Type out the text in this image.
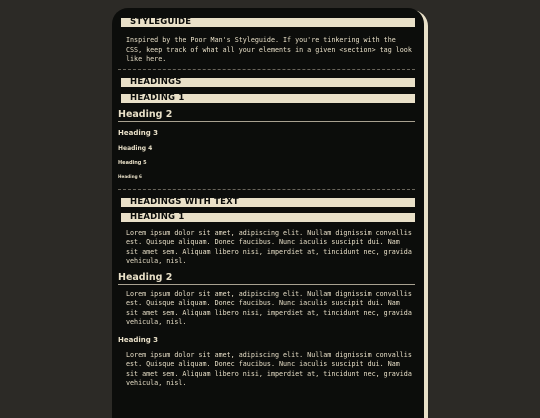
STYLEGUIDE
Inspired by the Poor Man's Styleguide. If you're tinkering with the CSS, keep track of what all your elements in a given <section> tag look like here.
HEADINGS
HEADING 1
Heading 2
Heading 3
Heading 4
Heading 5
Heading 6
HEADINGS WITH TEXT
HEADING 1
Lorem ipsum dolor sit amet, adipiscing elit. Nullam dignissim convallis est. Quisque aliquam. Donec faucibus. Nunc iaculis suscipit dui. Nam sit amet sem. Aliquam libero nisi, imperdiet at, tincidunt nec, gravida vehicula, nisl.
Heading 2
Lorem ipsum dolor sit amet, adipiscing elit. Nullam dignissim convallis est. Quisque aliquam. Donec faucibus. Nunc iaculis suscipit dui. Nam sit amet sem. Aliquam libero nisi, imperdiet at, tincidunt nec, gravida vehicula, nisl.
Heading 3
Lorem ipsum dolor sit amet, adipiscing elit. Nullam dignissim convallis est. Quisque aliquam. Donec faucibus. Nunc iaculis suscipit dui. Nam sit amet sem. Aliquam libero nisi, imperdiet at, tincidunt nec, gravida vehicula, nisl.
